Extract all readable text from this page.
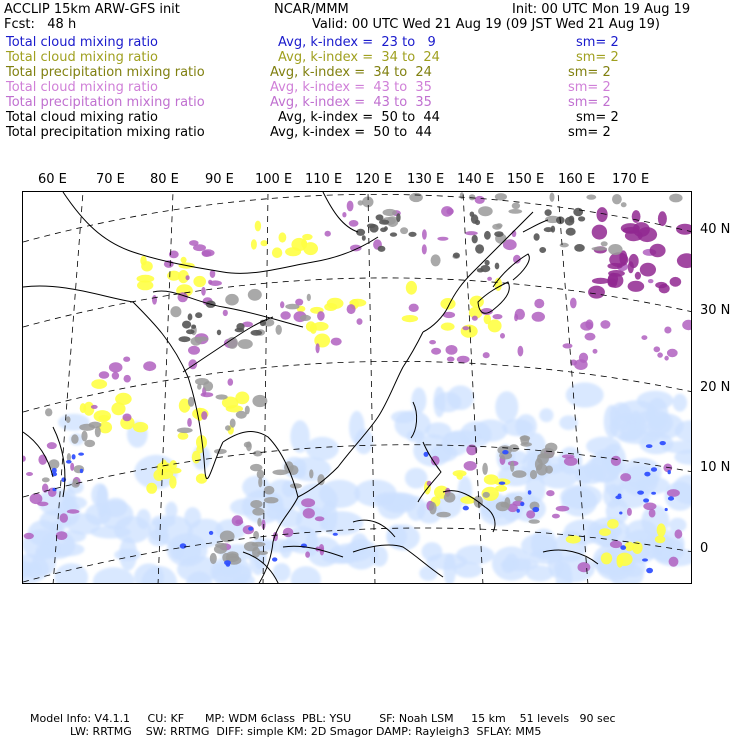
ACCLIP 15km ARW-GFS init	NCAR/MMM	Init: 00 UTC Mon 19 Aug 19
Fcst:   48 h	Valid: 00 UTC Wed 21 Aug 19 (09 JST Wed 21 Aug 19)
Total cloud mixing ratio	Avg, k-index =  23 to   9	sm= 2
Total cloud mixing ratio	Avg, k-index =  34 to  24	sm= 2
Total precipitation mixing ratio	Avg, k-index =  34 to  24	sm= 2
Total cloud mixing ratio	Avg, k-index =  43 to  35	sm= 2
Total precipitation mixing ratio	Avg, k-index =  43 to  35	sm= 2
Total cloud mixing ratio	Avg, k-index =  50 to  44	sm= 2
Total precipitation mixing ratio	Avg, k-index =  50 to  44	sm= 2
60 E 70 E 80 E 90 E 100 E 110 E 120 E 130 E 140 E 150 E 160 E 170 E
40 N
30 N
20 N
10 N
0
Model Info: V4.1.1     CU: KF      MP: WDM 6class  PBL: YSU        SF: Noah LSM     15 km    51 levels   90 sec
LW: RRTMG    SW: RRTMG  DIFF: simple KM: 2D Smagor DAMP: Rayleigh3  SFLAY: MM5
